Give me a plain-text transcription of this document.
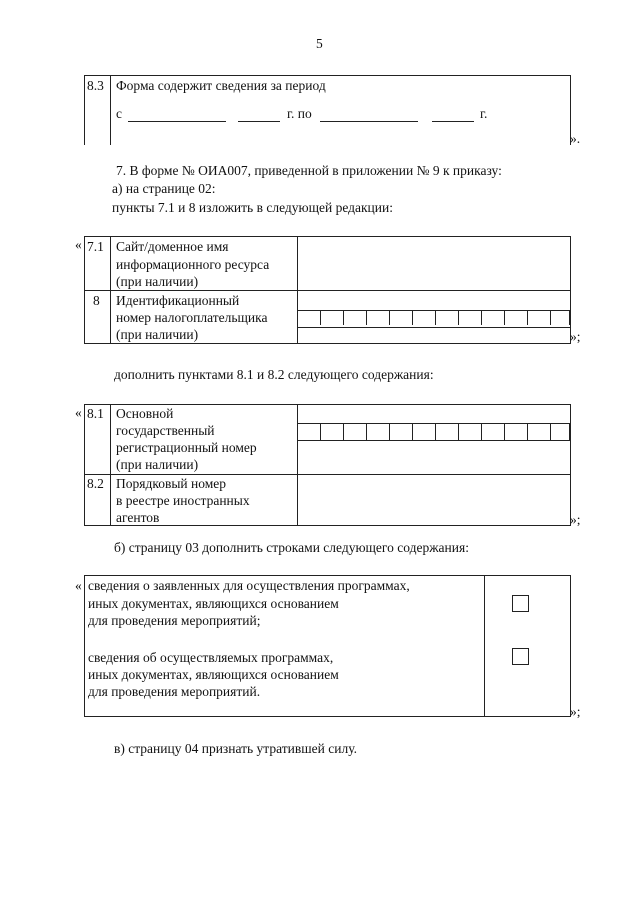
5
8.3 Форма содержит сведения за период
с	г. по	г.
».
7. В форме № ОИА007, приведенной в приложении № 9 к приказу:
а) на странице 02:
пункты 7.1 и 8 изложить в следующей редакции:
« 7.1 Сайт/доменное имя
информационного ресурса
(при наличии)
8 Идентификационный
номер налогоплательщика
(при наличии)	»;
дополнить пунктами 8.1 и 8.2 следующего содержания:
« 8.1 Основной
государственный
регистрационный номер
(при наличии)
8.2 Порядковый номер
в реестре иностранных
агентов	»;
б) страницу 03 дополнить строками следующего содержания:
« сведения о заявленных для осуществления программах,
иных документах, являющихся основанием
для проведения мероприятий;
сведения об осуществляемых программах,
иных документах, являющихся основанием
для проведения мероприятий.
»;
в) страницу 04 признать утратившей силу.
